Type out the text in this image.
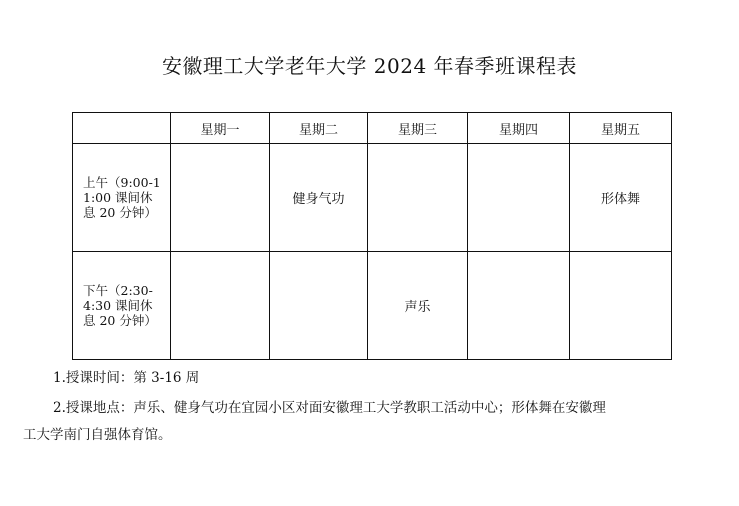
安徽理工大学老年大学 2024 年春季班课程表
	星期一	星期二	星期三	星期四	星期五
上午（9:00-11:00 课间休息 20 分钟）		健身气功			形体舞
下午（2:30-4:30 课间休息 20 分钟）			声乐		
1.授课时间：第 3-16 周
2.授课地点：声乐、健身气功在宜园小区对面安徽理工大学教职工活动中心；形体舞在安徽理
工大学南门自强体育馆。
